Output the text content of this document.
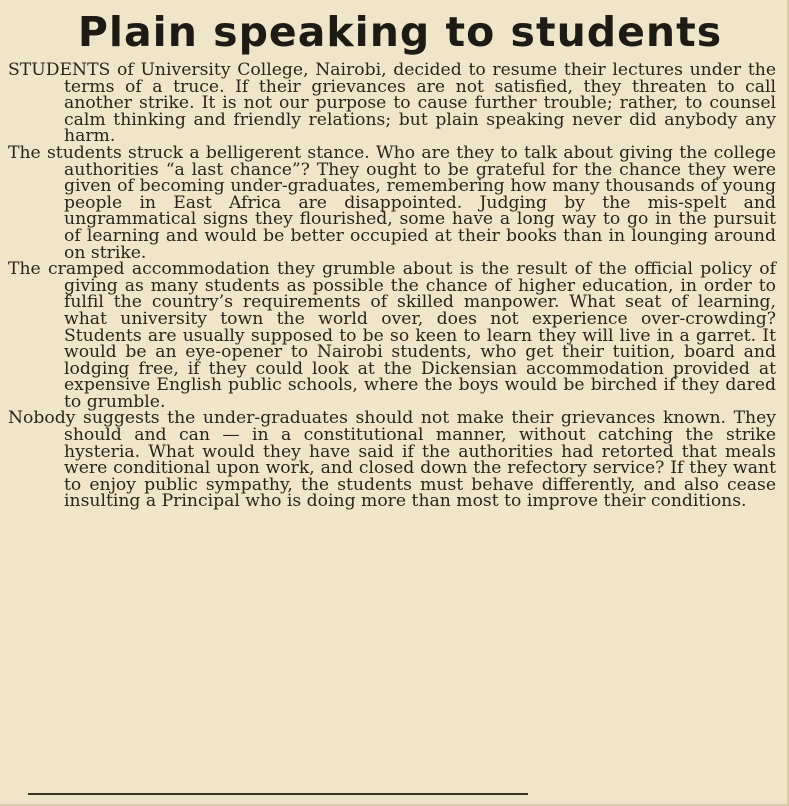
Plain speaking to students

STUDENTS of University College, Nairobi, decided to resume their lectures under the terms of a truce. If their grievances are not satisfied, they threaten to call another strike. It is not our purpose to cause further trouble; rather, to counsel calm thinking and friendly relations; but plain speaking never did anybody any harm.

The students struck a belligerent stance. Who are they to talk about giving the college authorities “a last chance”? They ought to be grateful for the chance they were given of becoming under-graduates, remembering how many thousands of young people in East Africa are disappointed. Judging by the mis-spelt and ungrammatical signs they flourished, some have a long way to go in the pursuit of learning and would be better occupied at their books than in lounging around on strike.

The cramped accommodation they grumble about is the result of the official policy of giving as many students as possible the chance of higher education, in order to fulfil the country’s requirements of skilled manpower. What seat of learning, what university town the world over, does not experience over-crowding? Students are usually supposed to be so keen to learn they will live in a garret. It would be an eye-opener to Nairobi students, who get their tuition, board and lodging free, if they could look at the Dickensian accommodation provided at expensive English public schools, where the boys would be birched if they dared to grumble.

Nobody suggests the under-graduates should not make their grievances known. They should and can — in a constitutional manner, without catching the strike hysteria. What would they have said if the authorities had retorted that meals were conditional upon work, and closed down the refectory service? If they want to enjoy public sympathy, the students must behave differently, and also cease insulting a Principal who is doing more than most to improve their conditions.
